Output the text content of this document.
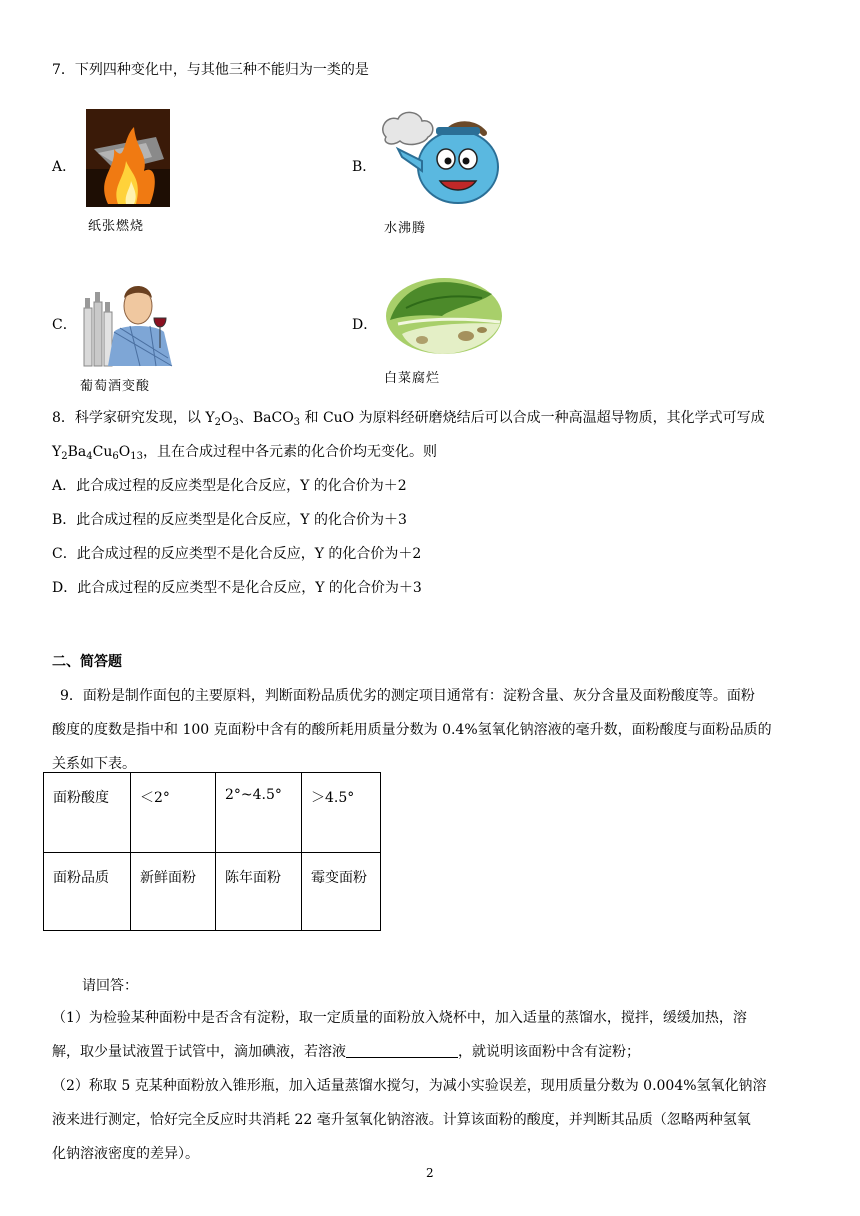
7．下列四种变化中，与其他三种不能归为一类的是
A．
纸张燃烧
B．
水沸腾
C．
葡萄酒变酸
D．
白菜腐烂
8．科学家研究发现，以 $Y_2O_3$、BaCO$_3$ 和 CuO 为原料经研磨烧结后可以合成一种高温超导物质，其化学式可写成
$Y_2Ba_4Cu_6O_{13}$，且在合成过程中各元素的化合价均无变化。则
A．此合成过程的反应类型是化合反应，Y 的化合价为＋2
B．此合成过程的反应类型是化合反应，Y 的化合价为＋3
C．此合成过程的反应类型不是化合反应，Y 的化合价为＋2
D．此合成过程的反应类型不是化合反应，Y 的化合价为＋3
二、简答题
9．面粉是制作面包的主要原料，判断面粉品质优劣的测定项目通常有：淀粉含量、灰分含量及面粉酸度等。面粉
酸度的度数是指中和 100 克面粉中含有的酸所耗用质量分数为 0.4%氢氧化钠溶液的毫升数，面粉酸度与面粉品质的
关系如下表。
面粉酸度	＜2°	2°~4.5°	＞4.5°
面粉品质	新鲜面粉	陈年面粉	霉变面粉
请回答：
（1）为检验某种面粉中是否含有淀粉，取一定质量的面粉放入烧杯中，加入适量的蒸馏水，搅拌，缓缓加热，溶
解，取少量试液置于试管中，滴加碘液，若溶液	，就说明该面粉中含有淀粉；
（2）称取 5 克某种面粉放入锥形瓶，加入适量蒸馏水搅匀，为减小实验误差，现用质量分数为 0.004%氢氧化钠溶
液来进行测定，恰好完全反应时共消耗 22 毫升氢氧化钠溶液。计算该面粉的酸度，并判断其品质（忽略两种氢氧
化钠溶液密度的差异）。
2
